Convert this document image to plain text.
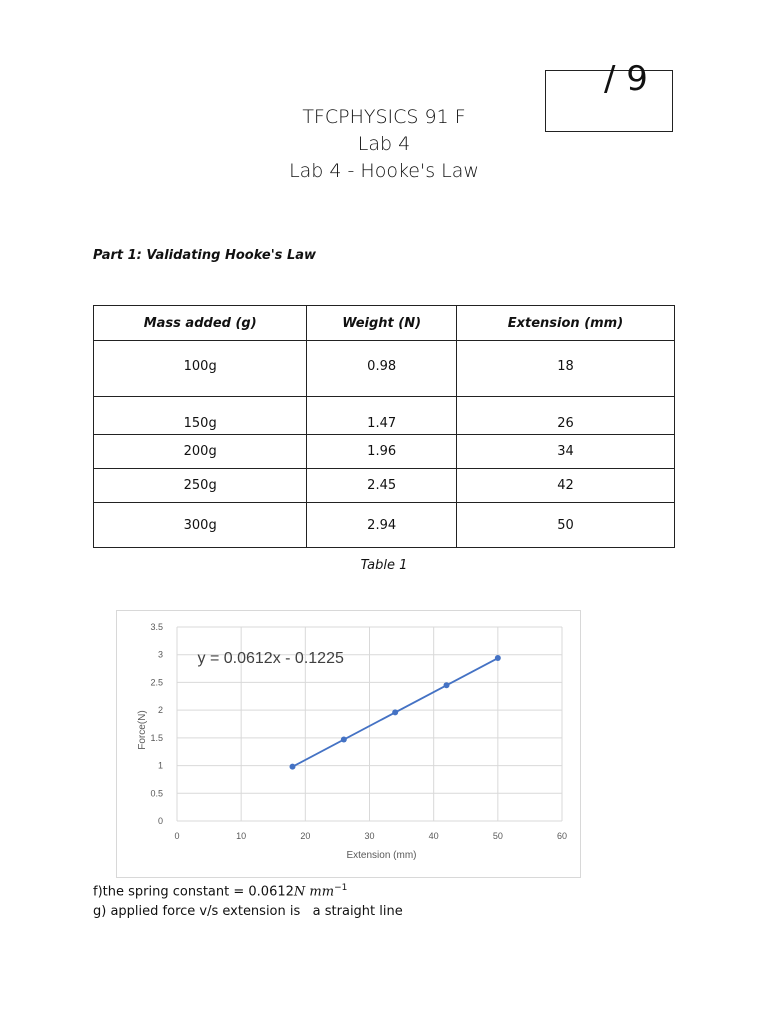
/ 9
TFCPHYSICS 91 F
Lab 4
Lab 4 - Hooke's Law
Part 1: Validating Hooke's Law
Mass added (g)	Weight (N)	Extension (mm)
100g	0.98	18
150g	1.47	26
200g	1.96	34
250g	2.45	42
300g	2.94	50
Table 1
0
0.5
1
1.5
2
2.5
3
3.5
0	10	20	30	40	50	60
y = 0.0612x - 0.1225
Extension (mm)
Force(N)
f)the spring constant = 0.0612N $mm^{-1}$
g) applied force v/s extension is   a straight line
